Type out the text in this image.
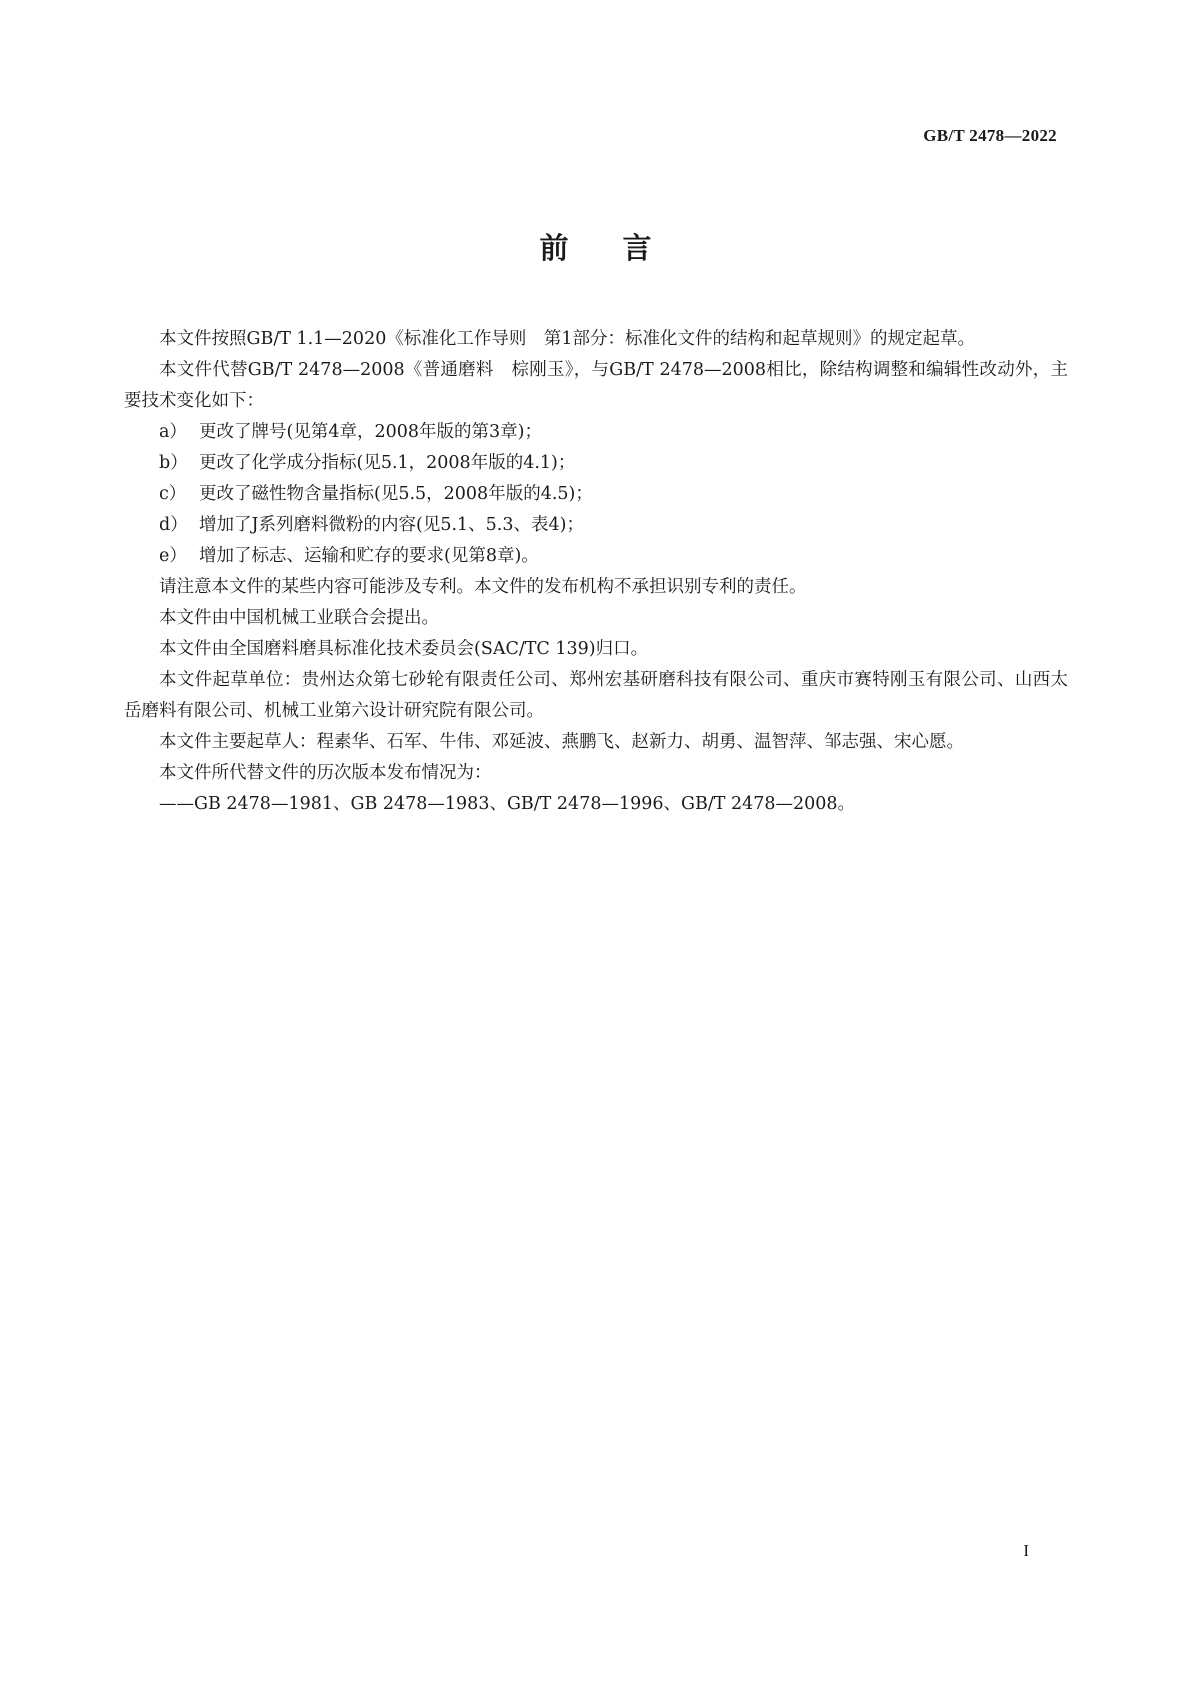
GB/T 2478—2022
前言

本文件按照GB/T 1.1—2020《标准化工作导则　第1部分：标准化文件的结构和起草规则》的规定起草。

本文件代替GB/T 2478—2008《普通磨料　棕刚玉》，与GB/T 2478—2008相比，除结构调整和编辑性改动外，主要技术变化如下：

a） 更改了牌号(见第4章，2008年版的第3章)；

b） 更改了化学成分指标(见5.1，2008年版的4.1)；

c） 更改了磁性物含量指标(见5.5，2008年版的4.5)；

d） 增加了J系列磨料微粉的内容(见5.1、5.3、表4)；

e） 增加了标志、运输和贮存的要求(见第8章)。

请注意本文件的某些内容可能涉及专利。本文件的发布机构不承担识别专利的责任。

本文件由中国机械工业联合会提出。

本文件由全国磨料磨具标准化技术委员会(SAC/TC 139)归口。

本文件起草单位：贵州达众第七砂轮有限责任公司、郑州宏基研磨科技有限公司、重庆市赛特刚玉有限公司、山西太岳磨料有限公司、机械工业第六设计研究院有限公司。

本文件主要起草人：程素华、石军、牛伟、邓延波、燕鹏飞、赵新力、胡勇、温智萍、邹志强、宋心愿。

本文件所代替文件的历次版本发布情况为：

——GB 2478—1981、GB 2478—1983、GB/T 2478—1996、GB/T 2478—2008。

I
